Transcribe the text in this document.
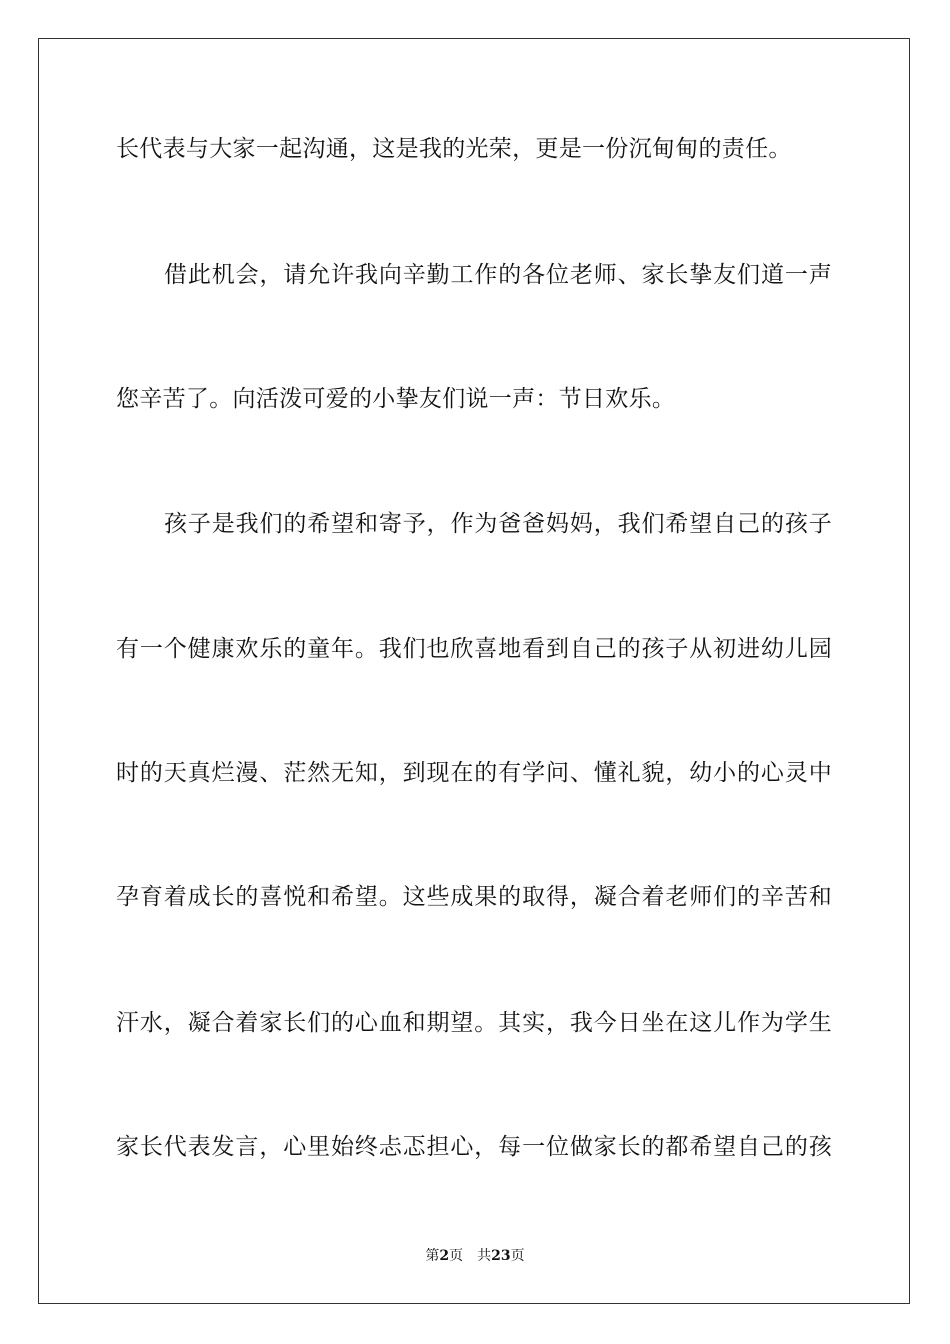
长代表与大家一起沟通，这是我的光荣，更是一份沉甸甸的责任。
借此机会，请允许我向辛勤工作的各位老师、家长挚友们道一声
您辛苦了。向活泼可爱的小挚友们说一声：节日欢乐。
孩子是我们的希望和寄予，作为爸爸妈妈，我们希望自己的孩子
有一个健康欢乐的童年。我们也欣喜地看到自己的孩子从初进幼儿园
时的天真烂漫、茫然无知，到现在的有学问、懂礼貌，幼小的心灵中
孕育着成长的喜悦和希望。这些成果的取得，凝合着老师们的辛苦和
汗水，凝合着家长们的心血和期望。其实，我今日坐在这儿作为学生
家长代表发言，心里始终忐忑担心，每一位做家长的都希望自己的孩
第2页 共23页
